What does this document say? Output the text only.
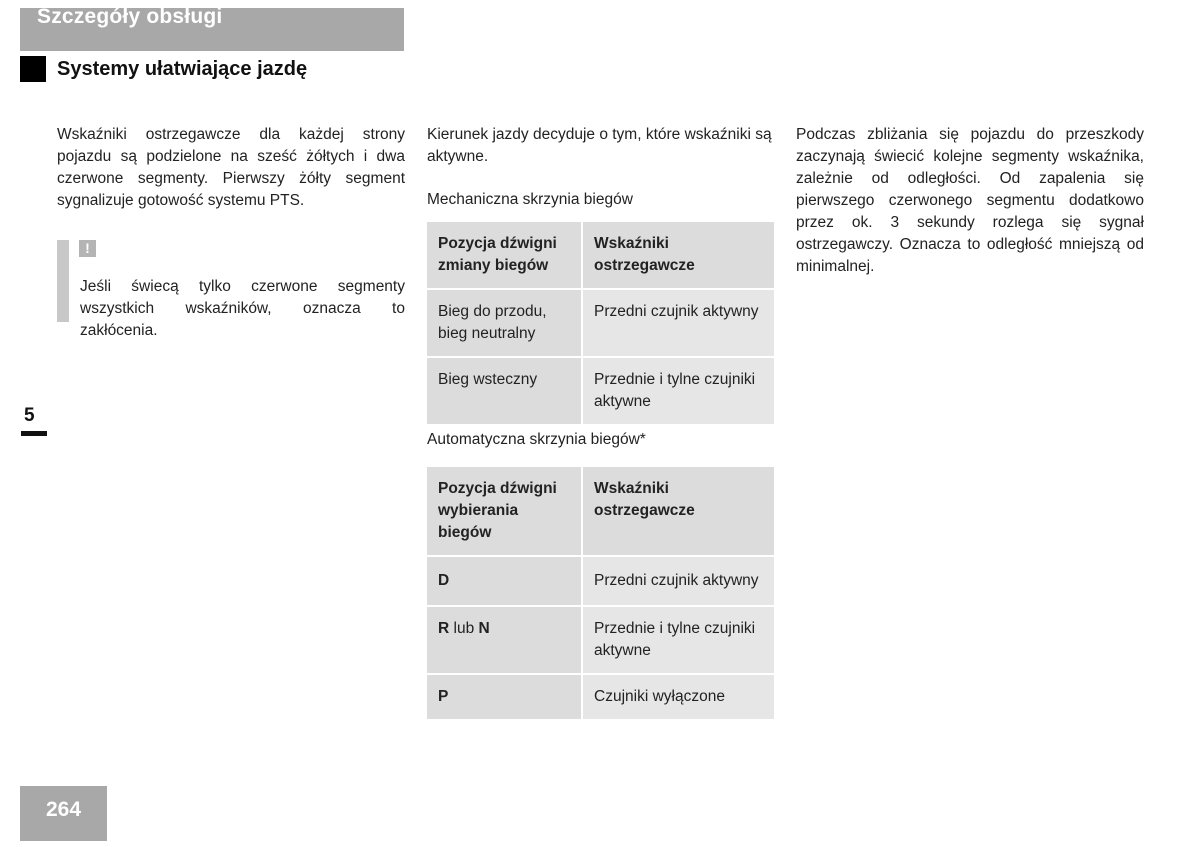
Szczegóły obsługi
Systemy ułatwiające jazdę

Wskaźniki ostrzegawcze dla każdej strony pojazdu są podzielone na sześć żółtych i dwa czerwone segmenty. Pierwszy żółty segment sygnalizuje gotowość systemu PTS.

!
Jeśli świecą tylko czerwone segmenty wszystkich wskaźników, oznacza to zakłócenia.
5

Kierunek jazdy decyduje o tym, które wskaźniki są aktywne.

Mechaniczna skrzynia biegów
Pozycja dźwigni zmiany biegów	Wskaźniki ostrzegawcze
Bieg do przodu, bieg neutralny	Przedni czujnik aktywny
Bieg wsteczny	Przednie i tylne czujniki aktywne
Automatyczna skrzynia biegów*
Pozycja dźwigni wybierania biegów	Wskaźniki ostrzegawcze
D	Przedni czujnik aktywny
R lub N	Przednie i tylne czujniki aktywne
P	Czujniki wyłączone

Podczas zbliżania się pojazdu do przeszkody zaczynają świecić kolejne segmenty wskaźnika, zależnie od odległości. Od zapalenia się pierwszego czerwonego segmentu dodatkowo przez ok. 3 sekundy rozlega się sygnał ostrzegawczy. Oznacza to odległość mniejszą od minimalnej.

264
